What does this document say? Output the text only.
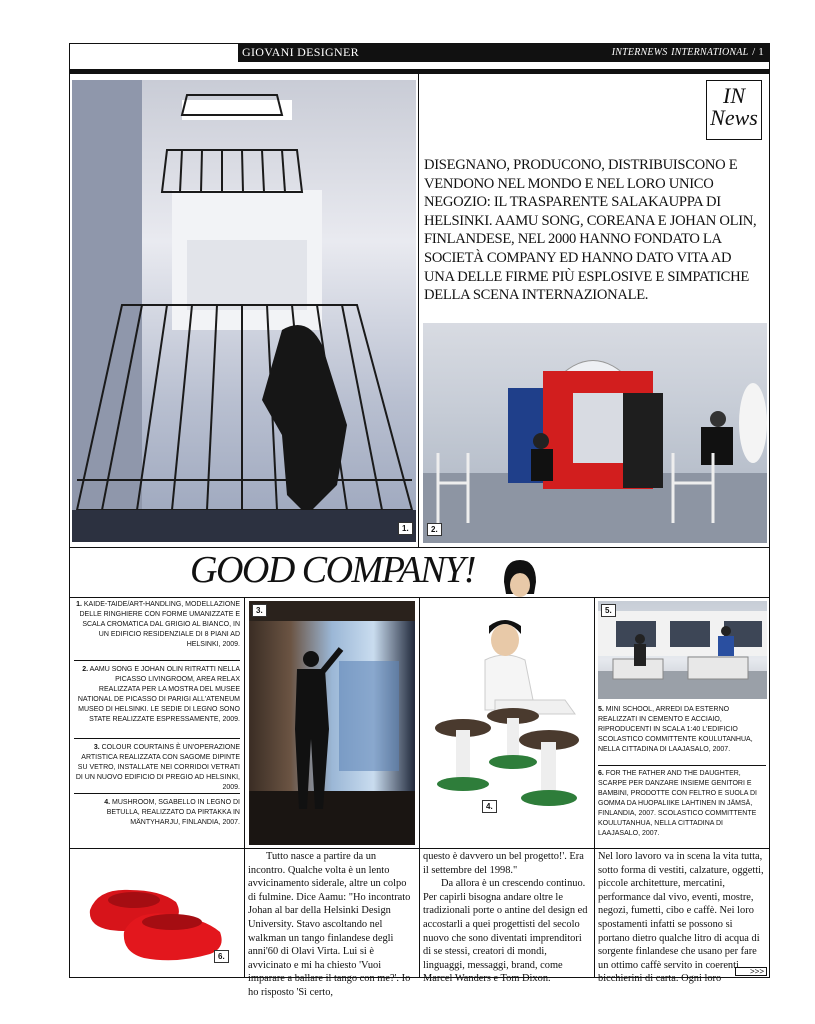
GIOVANI DESIGNER	internews international / 1
1.
IN News
DISEGNANO, PRODUCONO, DISTRIBUISCONO E VENDONO NEL MONDO E NEL LORO UNICO NEGOZIO: IL TRASPARENTE SALAKAUPPA DI HELSINKI. AAMU SONG, COREANA E JOHAN OLIN, FINLANDESE, NEL 2000 HANNO FONDATO LA SOCIETÀ COMPANY ED HANNO DATO VITA AD UNA DELLE FIRME PIÙ ESPLOSIVE E SIMPATICHE DELLA SCENA INTERNAZIONALE.
2.
GOOD COMPANY!
1. KAIDE-TAIDE/ART-HANDLING, MODELLAZIONE DELLE RINGHIERE CON FORME UMANIZZATE E SCALA CROMATICA DAL GRIGIO AL BIANCO, IN UN EDIFICIO RESIDENZIALE DI 8 PIANI AD HELSINKI, 2009.
2. AAMU SONG E JOHAN OLIN RITRATTI NELLA PICASSO LIVINGROOM, AREA RELAX REALIZZATA PER LA MOSTRA DEL MUSEE NATIONAL DE PICASSO DI PARIGI ALL'ATENEUM MUSEO DI HELSINKI. LE SEDIE DI LEGNO SONO STATE REALIZZATE ESPRESSAMENTE, 2009.
3. COLOUR COURTAINS È UN'OPERAZIONE ARTISTICA REALIZZATA CON SAGOME DIPINTE SU VETRO, INSTALLATE NEI CORRIDOI VETRATI DI UN NUOVO EDIFICIO DI PREGIO AD HELSINKI, 2009.
4. MUSHROOM, SGABELLO IN LEGNO DI BETULLA, REALIZZATO DA PIRTAKKA IN MÄNTYHARJU, FINLANDIA, 2007.
3.
4.
5.
5. MINI SCHOOL, ARREDI DA ESTERNO REALIZZATI IN CEMENTO E ACCIAIO, RIPRODUCENTI IN SCALA 1:40 L'EDIFICIO SCOLASTICO COMMITTENTE KOULUTANHUA, NELLA CITTADINA DI LAAJASALO, 2007.
6. FOR THE FATHER AND THE DAUGHTER, SCARPE PER DANZARE INSIEME GENITORI E BAMBINI, PRODOTTE CON FELTRO E SUOLA DI GOMMA DA HUOPALIIKE LAHTINEN IN JÄMSÄ, FINLANDIA, 2007. SCOLASTICO COMMITTENTE KOULUTANHUA, NELLA CITTADINA DI LAAJASALO, 2007.
6.
Tutto nasce a partire da un incontro. Qualche volta è un lento avvicinamento siderale, altre un colpo di fulmine. Dice Aamu: "Ho incontrato Johan al bar della Helsinki Design University. Stavo ascoltando nel walkman un tango finlandese degli anni'60 di Olavi Virta. Lui si è avvicinato e mi ha chiesto 'Vuoi imparare a ballare il tango con me?'. Io ho risposto 'Sì certo,
questo è davvero un bel progetto!'. Era il settembre del 1998."
Da allora è un crescendo continuo. Per capirli bisogna andare oltre le tradizionali porte o antine del design ed accostarli a quei progettisti del secolo nuovo che sono diventati imprenditori di se stessi, creatori di mondi, linguaggi, messaggi, brand, come Marcel Wanders e Tom Dixon.
Nel loro lavoro va in scena la vita tutta, sotto forma di vestiti, calzature, oggetti, piccole architetture, mercatini, performance dal vivo, eventi, mostre, negozi, fumetti, cibo e caffè. Nei loro spostamenti infatti se possono si portano dietro qualche litro di acqua di sorgente finlandese che usano per fare un ottimo caffè servito in coerenti bicchierini di carta. Ogni loro
>>>
